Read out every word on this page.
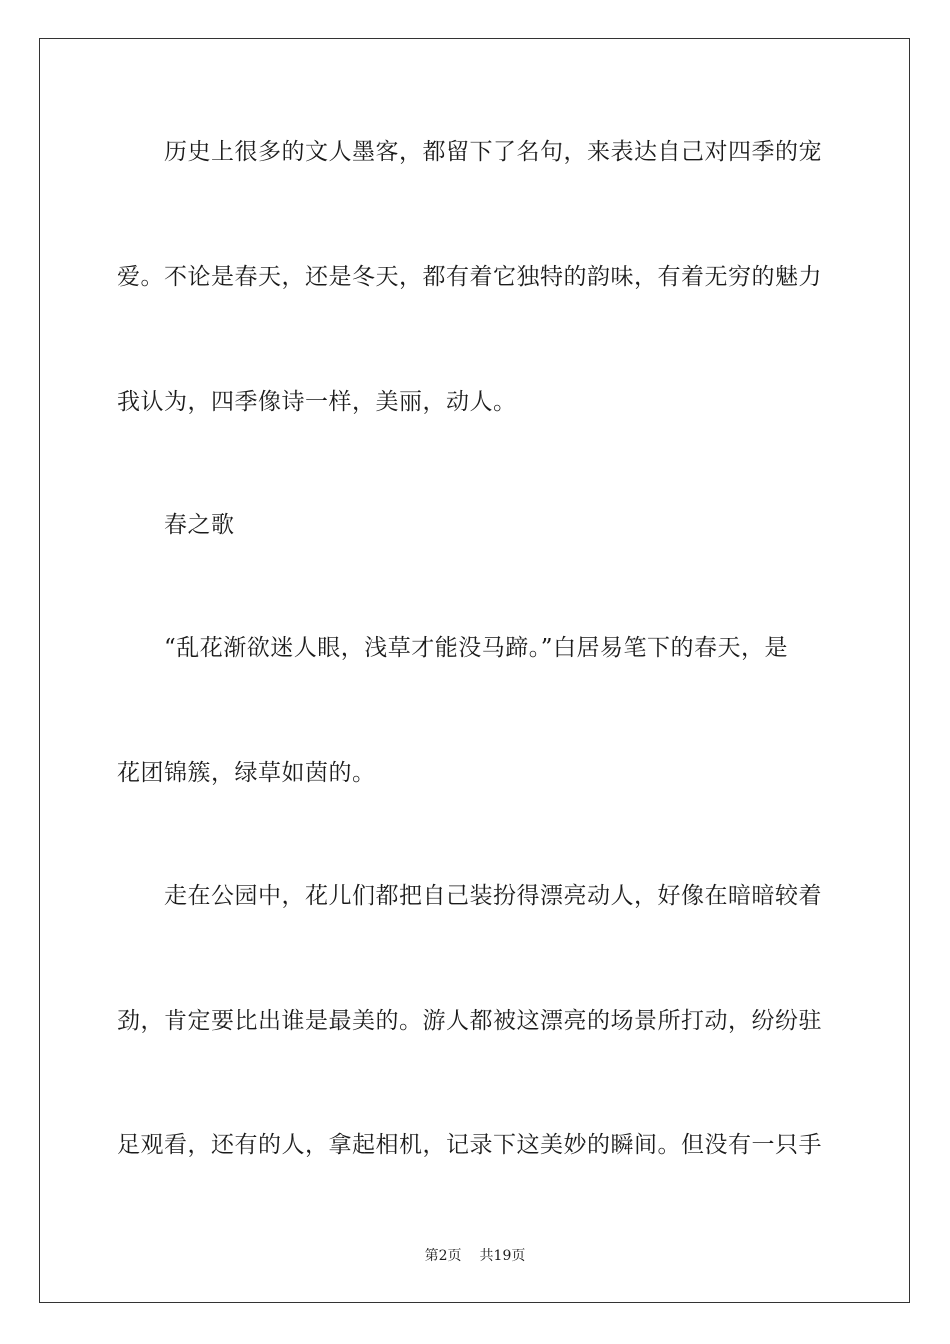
历史上很多的文人墨客，都留下了名句，来表达自己对四季的宠
爱。不论是春天，还是冬天，都有着它独特的韵味，有着无穷的魅力
我认为，四季像诗一样，美丽，动人。
春之歌
“乱花渐欲迷人眼，浅草才能没马蹄。”白居易笔下的春天，是
花团锦簇，绿草如茵的。
走在公园中，花儿们都把自己装扮得漂亮动人，好像在暗暗较着
劲，肯定要比出谁是最美的。游人都被这漂亮的场景所打动，纷纷驻
足观看，还有的人，拿起相机，记录下这美妙的瞬间。但没有一只手
第2页 共19页
